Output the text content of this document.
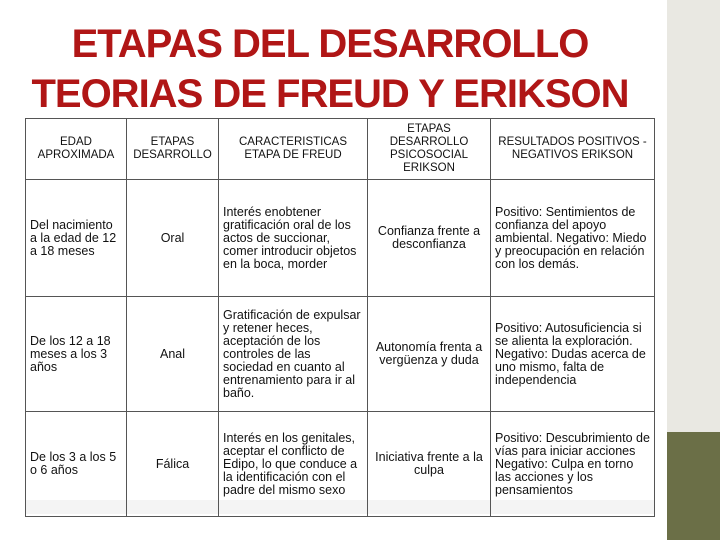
ETAPAS DEL DESARROLLO
TEORIAS DE FREUD Y ERIKSON
EDAD APROXIMADA	ETAPAS DESARROLLO	CARACTERISTICAS ETAPA DE FREUD	ETAPAS DESARROLLO PSICOSOCIAL ERIKSON	RESULTADOS POSITIVOS - NEGATIVOS ERIKSON
Del nacimiento a la edad de 12 a 18 meses	Oral	Interés enobtener gratificación oral de los actos de succionar, comer introducir objetos en la boca, morder	Confianza frente a desconfianza	Positivo: Sentimientos de confianza del apoyo ambiental. Negativo: Miedo y preocupación en relación con los demás.
De los 12 a 18 meses a los 3 años	Anal	Gratificación de expulsar y retener heces, aceptación de los controles de las sociedad en cuanto al entrenamiento para ir al baño.	Autonomía frenta a vergüenza y duda	Positivo: Autosuficiencia si se alienta la exploración. Negativo: Dudas acerca de uno mismo, falta de independencia
De los 3 a los 5 o 6 años	Fálica	Interés en los genitales, aceptar el conflicto de Edipo, lo que conduce a la identificación con el padre del mismo sexo	Iniciativa frente a la culpa	Positivo: Descubrimiento de vías para iniciar acciones Negativo: Culpa en torno las acciones y los pensamientos
